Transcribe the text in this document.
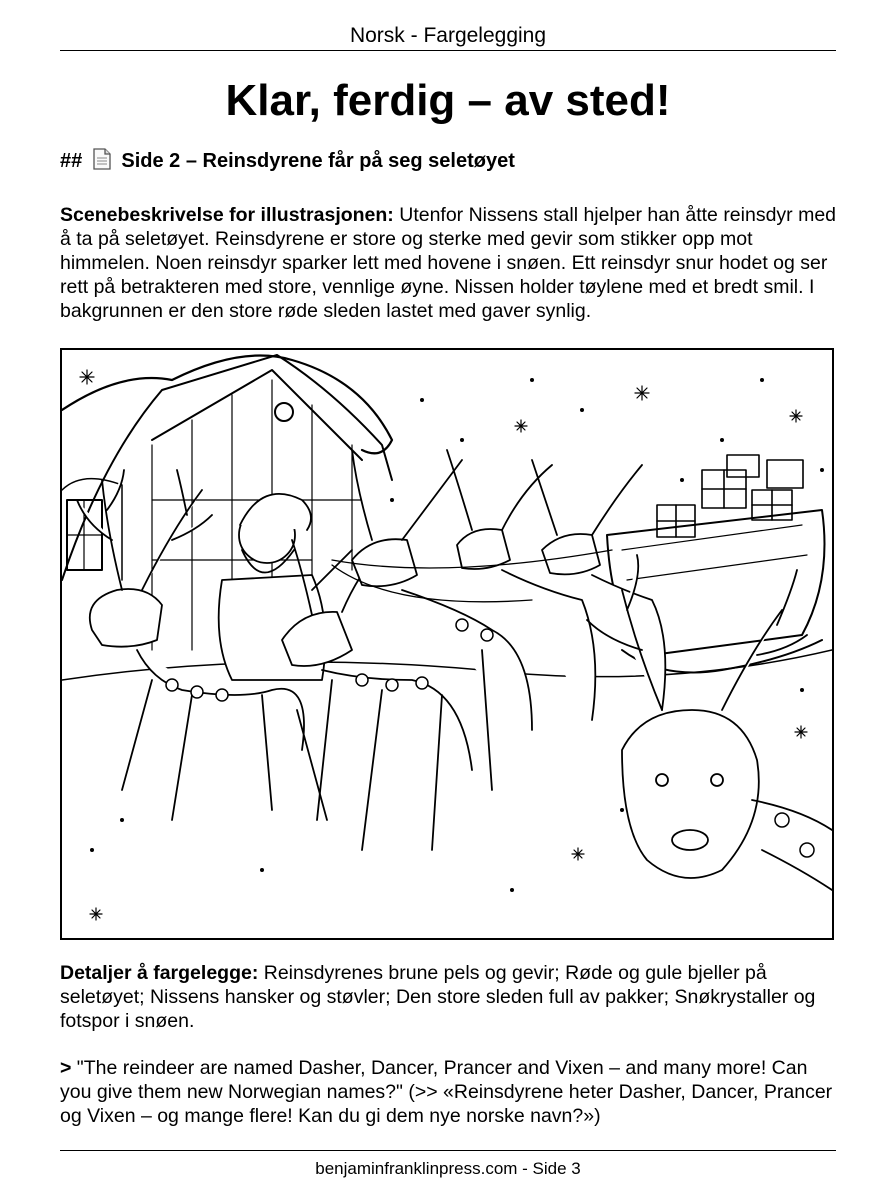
Norsk - Fargelegging
Klar, ferdig – av sted!
## Side 2 – Reinsdyrene får på seg seletøyet
Scenebeskrivelse for illustrasjonen: Utenfor Nissens stall hjelper han åtte reinsdyr med å ta på seletøyet. Reinsdyrene er store og sterke med gevir som stikker opp mot himmelen. Noen reinsdyr sparker lett med hovene i snøen. Ett reinsdyr snur hodet og ser rett på betrakteren med store, vennlige øyne. Nissen holder tøylene med et bredt smil. I bakgrunnen er den store røde sleden lastet med gaver synlig.
Detaljer å fargelegge: Reinsdyrenes brune pels og gevir; Røde og gule bjeller på seletøyet; Nissens hansker og støvler; Den store sleden full av pakker; Snøkrystaller og fotspor i snøen.
> "The reindeer are named Dasher, Dancer, Prancer and Vixen – and many more! Can you give them new Norwegian names?" (>> «Reinsdyrene heter Dasher, Dancer, Prancer og Vixen – og mange flere! Kan du gi dem nye norske navn?»)
benjaminfranklinpress.com - Side 3
